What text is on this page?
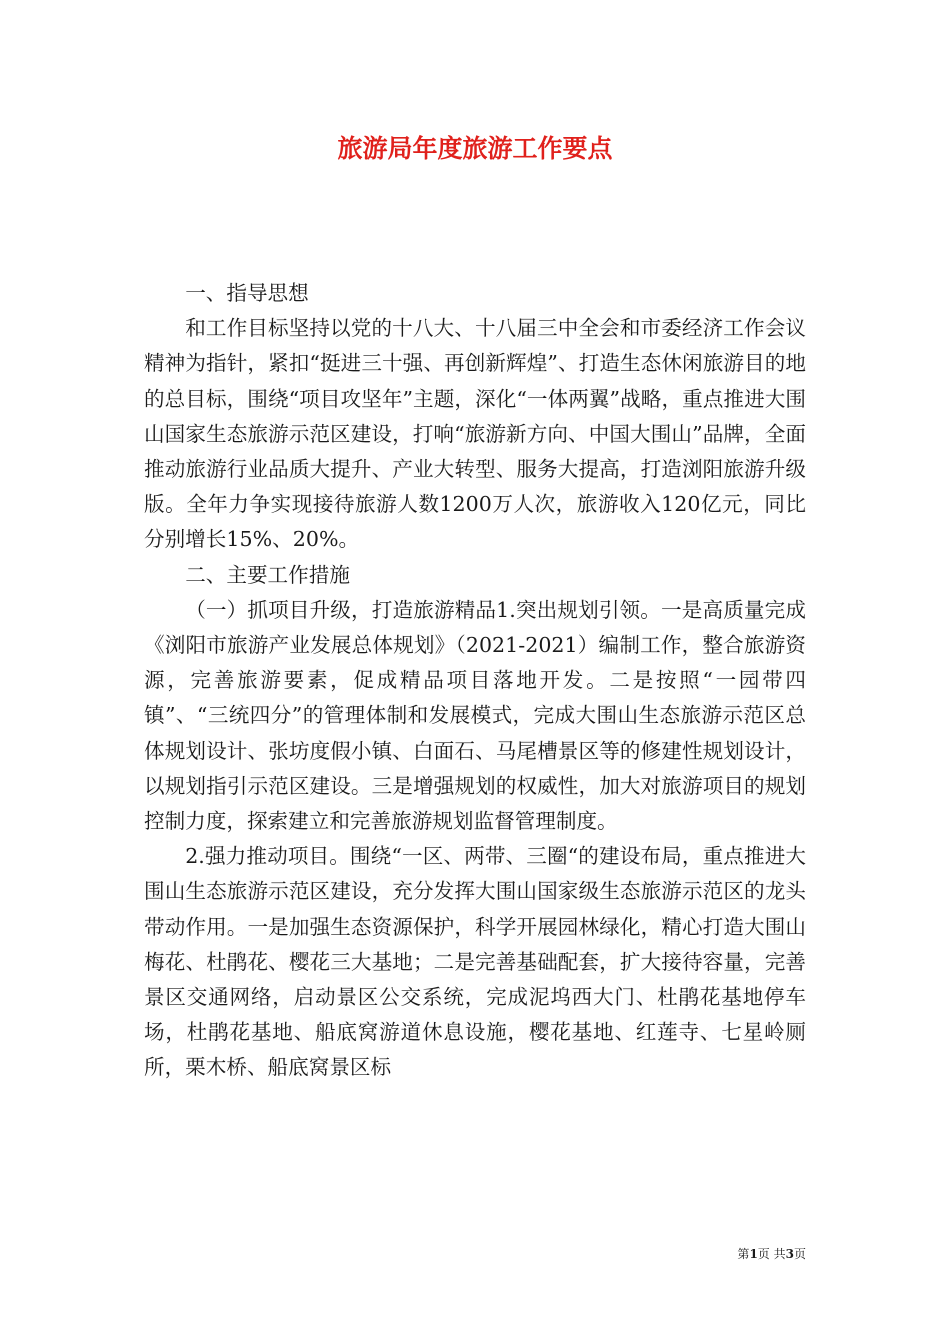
旅游局年度旅游工作要点

一、指导思想

和工作目标坚持以党的十八大、十八届三中全会和市委经济工作会议精神为指针，紧扣“挺进三十强、再创新辉煌”、打造生态休闲旅游目的地的总目标，围绕“项目攻坚年”主题，深化“一体两翼”战略，重点推进大围山国家生态旅游示范区建设，打响“旅游新方向、中国大围山”品牌，全面推动旅游行业品质大提升、产业大转型、服务大提高，打造浏阳旅游升级版。全年力争实现接待旅游人数1200万人次，旅游收入120亿元，同比分别增长15%、20%。

二、主要工作措施

（一）抓项目升级，打造旅游精品1.突出规划引领。一是高质量完成《浏阳市旅游产业发展总体规划》（2021-2021）编制工作，整合旅游资源，完善旅游要素，促成精品项目落地开发。二是按照“一园带四镇”、“三统四分”的管理体制和发展模式，完成大围山生态旅游示范区总体规划设计、张坊度假小镇、白面石、马尾槽景区等的修建性规划设计，以规划指引示范区建设。三是增强规划的权威性，加大对旅游项目的规划控制力度，探索建立和完善旅游规划监督管理制度。

2.强力推动项目。围绕“一区、两带、三圈“的建设布局，重点推进大围山生态旅游示范区建设，充分发挥大围山国家级生态旅游示范区的龙头带动作用。一是加强生态资源保护，科学开展园林绿化，精心打造大围山梅花、杜鹃花、樱花三大基地；二是完善基础配套，扩大接待容量，完善景区交通网络，启动景区公交系统，完成泥坞西大门、杜鹃花基地停车场，杜鹃花基地、船底窝游道休息设施，樱花基地、红莲寺、七星岭厕所，栗木桥、船底窝景区标

第1页 共3页
